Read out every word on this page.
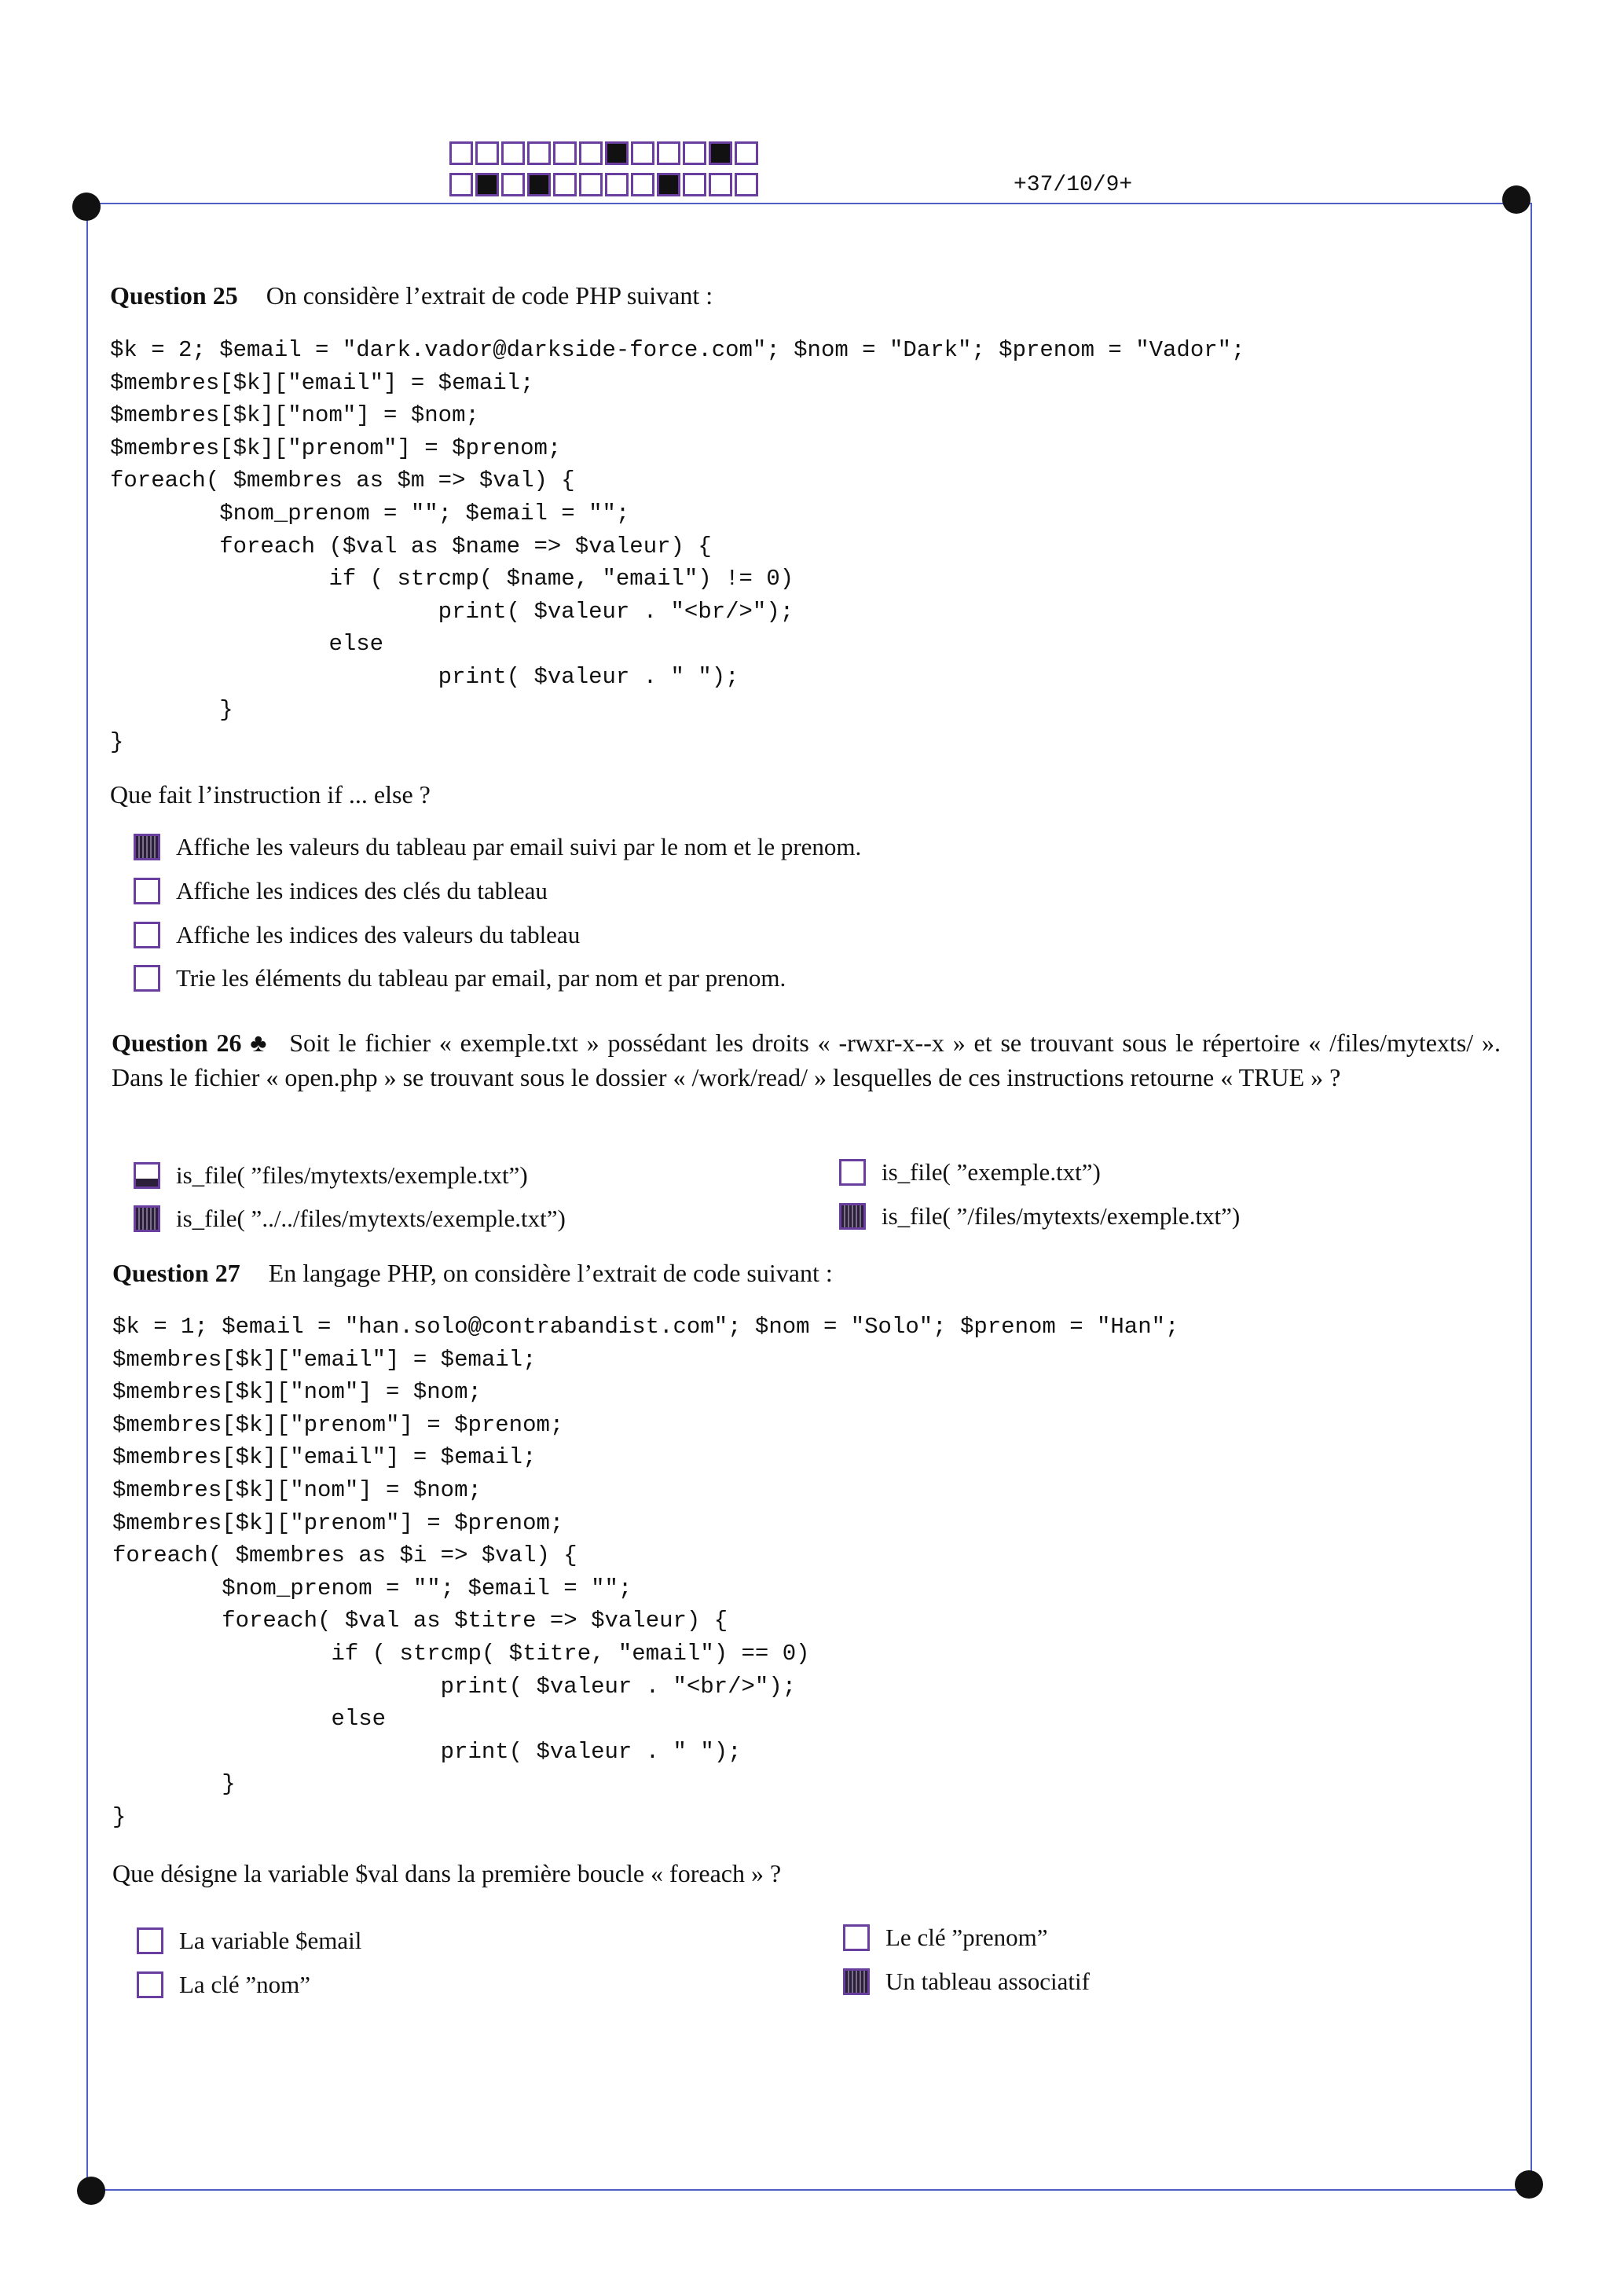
+37/10/9+
Question 25 On considère l’extrait de code PHP suivant :
$k = 2; $email = "dark.vador@darkside-force.com"; $nom = "Dark"; $prenom = "Vador";
$membres[$k]["email"] = $email;
$membres[$k]["nom"] = $nom;
$membres[$k]["prenom"] = $prenom;
foreach( $membres as $m => $val) {
$nom_prenom = ""; $email = "";
foreach ($val as $name => $valeur) {
if ( strcmp( $name, "email") != 0)
print( $valeur . "<br/>");
else
print( $valeur . " ");
}
}
Que fait l’instruction if ... else ?
Affiche les valeurs du tableau par email suivi par le nom et le prenom.
Affiche les indices des clés du tableau
Affiche les indices des valeurs du tableau
Trie les éléments du tableau par email, par nom et par prenom.
Question 26 ♣ Soit le fichier « exemple.txt » possédant les droits « -rwxr-x--x » et se trouvant sous le répertoire « /files/mytexts/ ». Dans le fichier « open.php » se trouvant sous le dossier « /work/read/ » lesquelles de ces instructions retourne « TRUE » ?
is_file( ”files/mytexts/exemple.txt”)
is_file( ”../../files/mytexts/exemple.txt”)
is_file( ”exemple.txt”)
is_file( ”/files/mytexts/exemple.txt”)
Question 27 En langage PHP, on considère l’extrait de code suivant :
$k = 1; $email = "han.solo@contrabandist.com"; $nom = "Solo"; $prenom = "Han";
$membres[$k]["email"] = $email;
$membres[$k]["nom"] = $nom;
$membres[$k]["prenom"] = $prenom;
$membres[$k]["email"] = $email;
$membres[$k]["nom"] = $nom;
$membres[$k]["prenom"] = $prenom;
foreach( $membres as $i => $val) {
$nom_prenom = ""; $email = "";
foreach( $val as $titre => $valeur) {
if ( strcmp( $titre, "email") == 0)
print( $valeur . "<br/>");
else
print( $valeur . " ");
}
}
Que désigne la variable $val dans la première boucle « foreach » ?
La variable $email
La clé ”nom”
Le clé ”prenom”
Un tableau associatif
